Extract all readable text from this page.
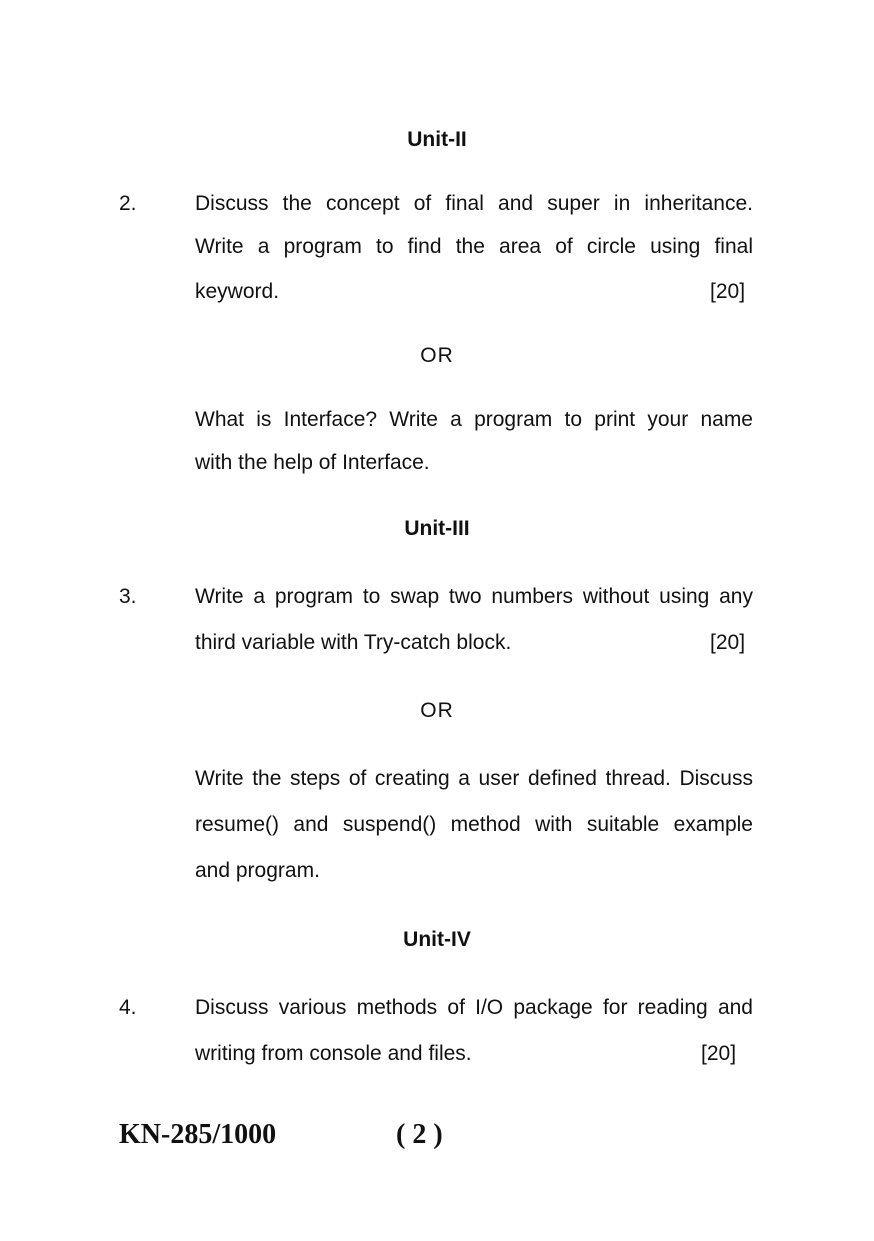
Unit-II
2.	Discuss the concept of final and super in inheritance.
Write a program to find the area of circle using final
keyword.	[20]
OR
What is Interface? Write a program to print your name
with the help of Interface.
Unit-III
3.	Write a program to swap two numbers without using any
third variable with Try-catch block.	[20]
OR
Write the steps of creating a user defined thread. Discuss
resume() and suspend() method with suitable example
and program.
Unit-IV
4.	Discuss various methods of I/O package for reading and
writing from console and files.	[20]
KN-285/1000	( 2 )
